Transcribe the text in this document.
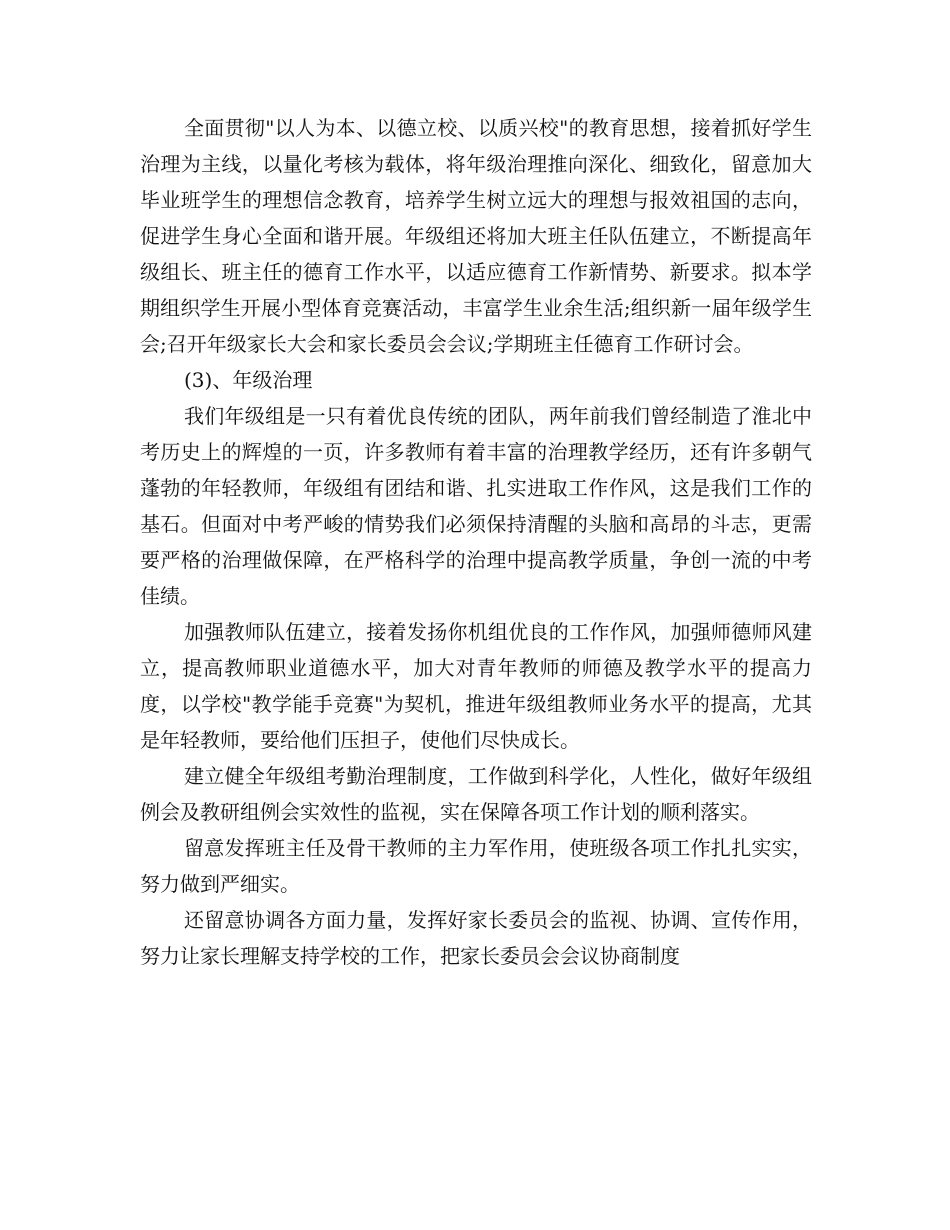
全面贯彻"以人为本、以德立校、以质兴校"的教育思想，接着抓好学生治理为主线，以量化考核为载体，将年级治理推向深化、细致化，留意加大毕业班学生的理想信念教育，培养学生树立远大的理想与报效祖国的志向，促进学生身心全面和谐开展。年级组还将加大班主任队伍建立，不断提高年级组长、班主任的德育工作水平，以适应德育工作新情势、新要求。拟本学期组织学生开展小型体育竞赛活动，丰富学生业余生活;组织新一届年级学生会;召开年级家长大会和家长委员会会议;学期班主任德育工作研讨会。

(3)、年级治理

我们年级组是一只有着优良传统的团队，两年前我们曾经制造了淮北中考历史上的辉煌的一页，许多教师有着丰富的治理教学经历，还有许多朝气蓬勃的年轻教师，年级组有团结和谐、扎实进取工作作风，这是我们工作的基石。但面对中考严峻的情势我们必须保持清醒的头脑和高昂的斗志，更需要严格的治理做保障，在严格科学的治理中提高教学质量，争创一流的中考佳绩。

加强教师队伍建立，接着发扬你机组优良的工作作风，加强师德师风建立，提高教师职业道德水平，加大对青年教师的师德及教学水平的提高力度，以学校"教学能手竞赛"为契机，推进年级组教师业务水平的提高，尤其是年轻教师，要给他们压担子，使他们尽快成长。

建立健全年级组考勤治理制度，工作做到科学化，人性化，做好年级组例会及教研组例会实效性的监视，实在保障各项工作计划的顺利落实。

留意发挥班主任及骨干教师的主力军作用，使班级各项工作扎扎实实，努力做到严细实。

还留意协调各方面力量，发挥好家长委员会的监视、协调、宣传作用，努力让家长理解支持学校的工作，把家长委员会会议协商制度
